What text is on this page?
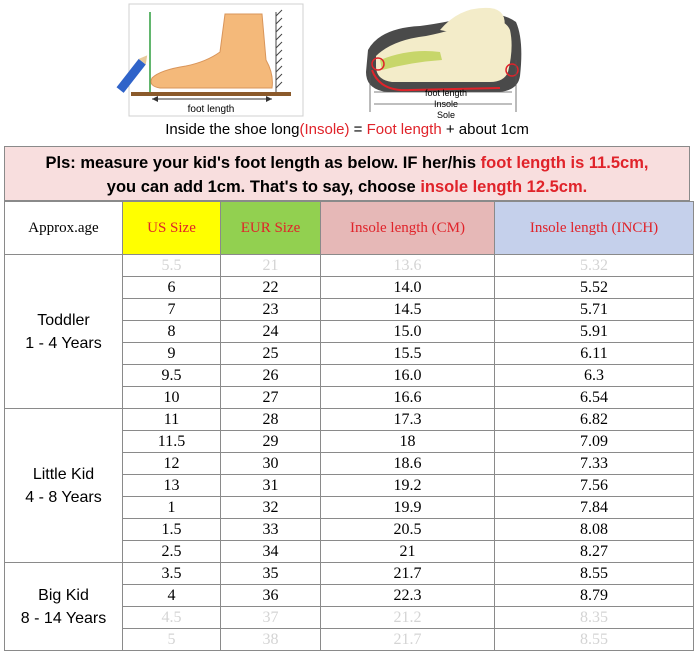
foot length
foot length
Insole
Sole
Inside the shoe long(Insole) = Foot length + about 1cm
Pls: measure your kid's foot length as below. IF her/his foot length is 11.5cm,
you can add 1cm. That's to say, choose insole length 12.5cm.
Approx.age	US Size	EUR Size	Insole length (CM)	Insole length (INCH)

Toddler
1 - 4 Years	5.5	21	13.6	5.32
	6	22	14.0	5.52
	7	23	14.5	5.71
	8	24	15.0	5.91
	9	25	15.5	6.11
	9.5	26	16.0	6.3
	10	27	16.6	6.54

Little Kid
4 - 8 Years	11	28	17.3	6.82
	11.5	29	18	7.09
	12	30	18.6	7.33
	13	31	19.2	7.56
	1	32	19.9	7.84
	1.5	33	20.5	8.08
	2.5	34	21	8.27

Big Kid
8 - 14 Years	3.5	35	21.7	8.55
	4	36	22.3	8.79
	4.5	37	21.2	8.35
	5	38	21.7	8.55
